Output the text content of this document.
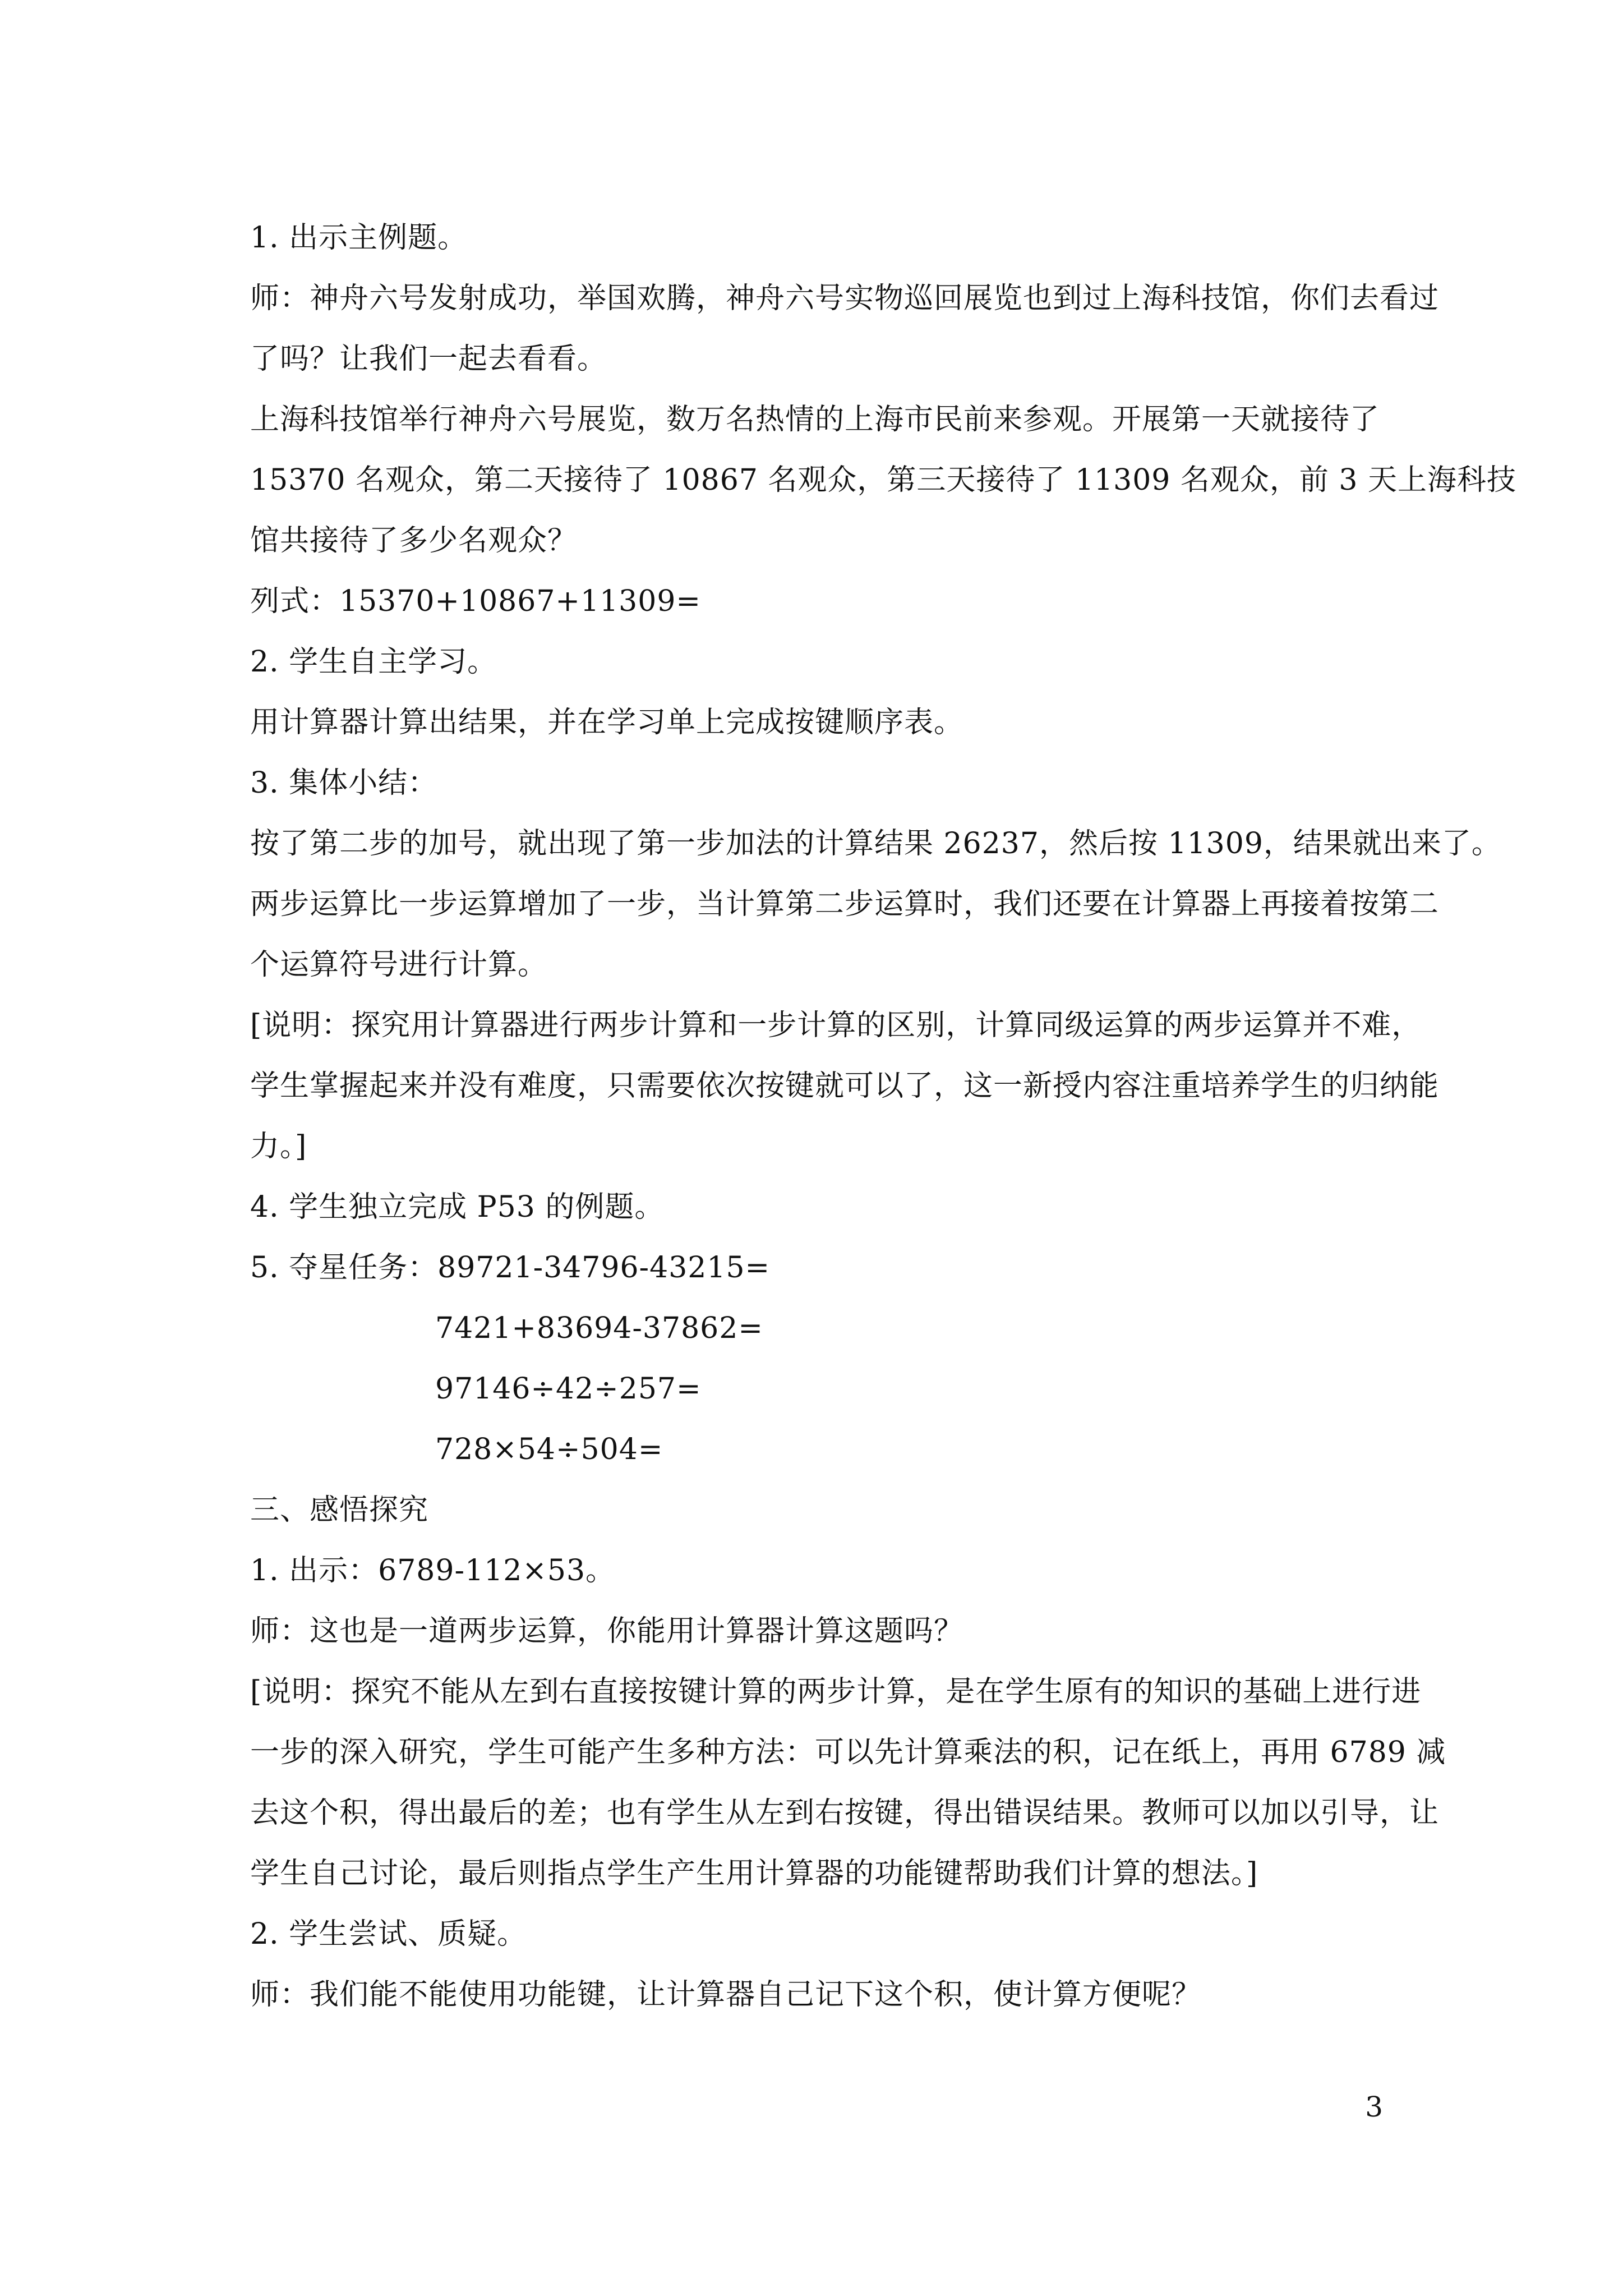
1. 出示主例题。
师：神舟六号发射成功，举国欢腾，神舟六号实物巡回展览也到过上海科技馆，你们去看过
了吗？让我们一起去看看。
上海科技馆举行神舟六号展览，数万名热情的上海市民前来参观。开展第一天就接待了
15370 名观众，第二天接待了 10867 名观众，第三天接待了 11309 名观众，前 3 天上海科技
馆共接待了多少名观众？
列式：15370+10867+11309=
2. 学生自主学习。
用计算器计算出结果，并在学习单上完成按键顺序表。
3. 集体小结：
按了第二步的加号，就出现了第一步加法的计算结果 26237，然后按 11309，结果就出来了。
两步运算比一步运算增加了一步，当计算第二步运算时，我们还要在计算器上再接着按第二
个运算符号进行计算。
[说明：探究用计算器进行两步计算和一步计算的区别，计算同级运算的两步运算并不难，
学生掌握起来并没有难度，只需要依次按键就可以了，这一新授内容注重培养学生的归纳能
力。]
4. 学生独立完成 P53 的例题。
5. 夺星任务：89721-34796-43215=
7421+83694-37862=
97146÷42÷257=
728×54÷504=
三、感悟探究
1. 出示：6789-112×53。
师：这也是一道两步运算，你能用计算器计算这题吗？
[说明：探究不能从左到右直接按键计算的两步计算，是在学生原有的知识的基础上进行进
一步的深入研究，学生可能产生多种方法：可以先计算乘法的积，记在纸上，再用 6789 减
去这个积，得出最后的差；也有学生从左到右按键，得出错误结果。教师可以加以引导，让
学生自己讨论，最后则指点学生产生用计算器的功能键帮助我们计算的想法。]
2. 学生尝试、质疑。
师：我们能不能使用功能键，让计算器自己记下这个积，使计算方便呢？
3
